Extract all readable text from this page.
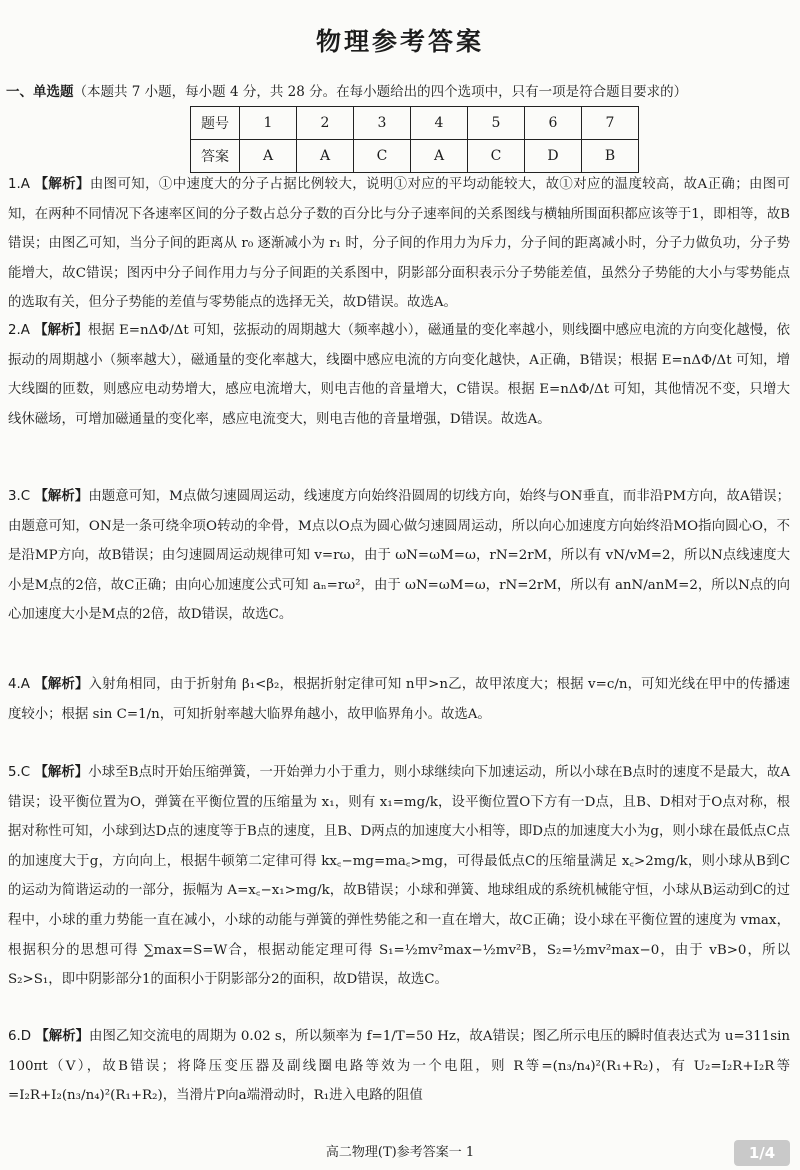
物理参考答案
一、单选题（本题共 7 小题，每小题 4 分，共 28 分。在每小题给出的四个选项中，只有一项是符合题目要求的）
题号	1	2	3	4	5	6	7
答案	A	A	C	A	C	D	B
1.A 【解析】由图可知，①中速度大的分子占据比例较大，说明①对应的平均动能较大，故①对应的温度较高，故A正确；由图可知，在两种不同情况下各速率区间的分子数占总分子数的百分比与分子速率间的关系图线与横轴所围面积都应该等于1，即相等，故B错误；由图乙可知，当分子间的距离从 r₀ 逐渐减小为 r₁ 时，分子间的作用力为斥力，分子间的距离减小时，分子力做负功，分子势能增大，故C错误；图丙中分子间作用力与分子间距的关系图中，阴影部分面积表示分子势能差值，虽然分子势能的大小与零势能点的选取有关，但分子势能的差值与零势能点的选择无关，故D错误。故选A。
2.A 【解析】根据 E=nΔΦ/Δt 可知，弦振动的周期越大（频率越小），磁通量的变化率越小，则线圈中感应电流的方向变化越慢，依振动的周期越小（频率越大），磁通量的变化率越大，线圈中感应电流的方向变化越快，A正确，B错误；根据 E=nΔΦ/Δt 可知，增大线圈的匝数，则感应电动势增大，感应电流增大，则电吉他的音量增大，C错误。根据 E=nΔΦ/Δt 可知，其他情况不变，只增大线休磁场，可增加磁通量的变化率，感应电流变大，则电吉他的音量增强，D错误。故选A。
3.C 【解析】由题意可知，M点做匀速圆周运动，线速度方向始终沿圆周的切线方向，始终与ON垂直，而非沿PM方向，故A错误；由题意可知，ON是一条可绕伞项O转动的伞骨，M点以O点为圆心做匀速圆周运动，所以向心加速度方向始终沿MO指向圆心O，不是沿MP方向，故B错误；由匀速圆周运动规律可知 v=rω，由于 ωN=ωM=ω，rN=2rM，所以有 vN/vM=2，所以N点线速度大小是M点的2倍，故C正确；由向心加速度公式可知 aₙ=rω²，由于 ωN=ωM=ω，rN=2rM，所以有 anN/anM=2，所以N点的向心加速度大小是M点的2倍，故D错误，故选C。
4.A 【解析】入射角相同，由于折射角 β₁<β₂，根据折射定律可知 n甲>n乙，故甲浓度大；根据 v=c/n，可知光线在甲中的传播速度较小；根据 sin C=1/n，可知折射率越大临界角越小，故甲临界角小。故选A。
5.C 【解析】小球至B点时开始压缩弹簧，一开始弹力小于重力，则小球继续向下加速运动，所以小球在B点时的速度不是最大，故A错误；设平衡位置为O，弹簧在平衡位置的压缩量为 x₁，则有 x₁=mg/k，设平衡位置O下方有一D点，且B、D相对于O点对称，根据对称性可知，小球到达D点的速度等于B点的速度，且B、D两点的加速度大小相等，即D点的加速度大小为g，则小球在最低点C点的加速度大于g，方向向上，根据牛顿第二定律可得 kx꜀−mg=ma꜀>mg，可得最低点C的压缩量满足 x꜀>2mg/k，则小球从B到C的运动为简谐运动的一部分，振幅为 A=x꜀−x₁>mg/k，故B错误；小球和弹簧、地球组成的系统机械能守恒，小球从B运动到C的过程中，小球的重力势能一直在减小，小球的动能与弹簧的弹性势能之和一直在增大，故C正确；设小球在平衡位置的速度为 vmax，根据积分的思想可得 ∑max=S=W合，根据动能定理可得 S₁=½mv²max−½mv²B，S₂=½mv²max−0，由于 vB>0，所以 S₂>S₁，即中阴影部分1的面积小于阴影部分2的面积，故D错误，故选C。
6.D 【解析】由图乙知交流电的周期为 0.02 s，所以频率为 f=1/T=50 Hz，故A错误；图乙所示电压的瞬时值表达式为 u=311sin 100πt（V），故B错误；将降压变压器及副线圈电路等效为一个电阻，则 R等=(n₃/n₄)²(R₁+R₂)，有 U₂=I₂R+I₂R等=I₂R+I₂(n₃/n₄)²(R₁+R₂)，当滑片P向a端滑动时，R₁进入电路的阻值
高二物理(T)参考答案一 1	1/4
